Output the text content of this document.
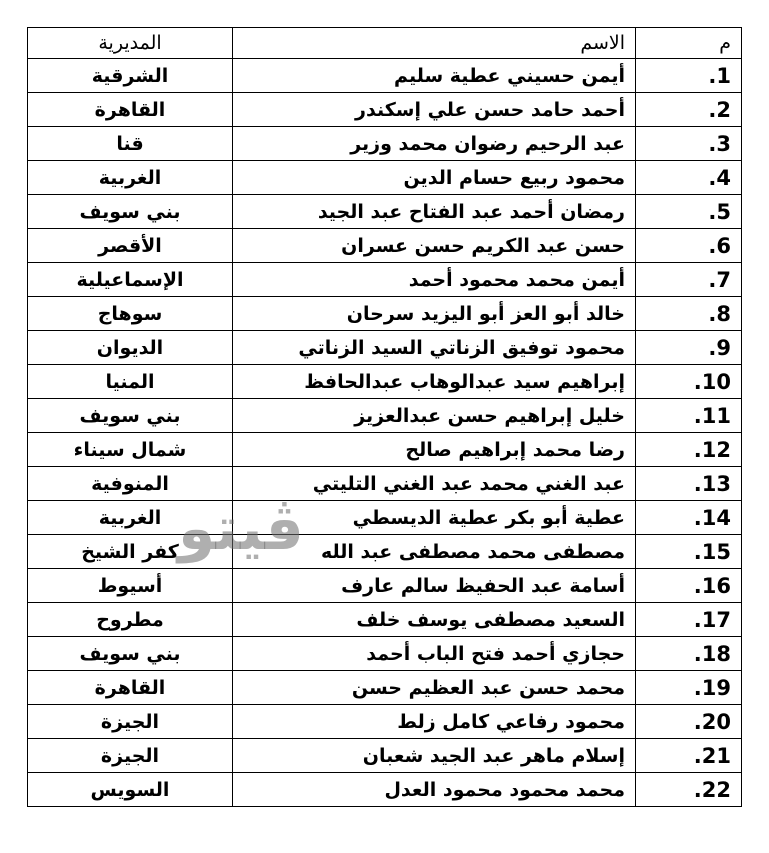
المديرية	الاسم	م
الشرقية	أيمن حسيني عطية سليم	.1
القاهرة	أحمد حامد حسن علي إسكندر	.2
قنا	عبد الرحيم رضوان محمد وزير	.3
الغربية	محمود ربيع حسام الدين	.4
بني سويف	رمضان أحمد عبد الفتاح عبد الجيد	.5
الأقصر	حسن عبد الكريم حسن عسران	.6
الإسماعيلية	أيمن محمد محمود أحمد	.7
سوهاج	خالد أبو العز أبو اليزيد سرحان	.8
الديوان	محمود توفيق الزناتي السيد الزناتي	.9
المنيا	إبراهيم سيد عبدالوهاب عبدالحافظ	.10
بني سويف	خليل إبراهيم حسن عبدالعزيز	.11
شمال سيناء	رضا محمد إبراهيم صالح	.12
المنوفية	عبد الغني محمد عبد الغني التليتي	.13
الغربية	عطية أبو بكر عطية الديسطي	.14
كفر الشيخ	مصطفى محمد مصطفى عبد الله	.15
أسيوط	أسامة عبد الحفيظ سالم عارف	.16
مطروح	السعيد مصطفى يوسف خلف	.17
بني سويف	حجازي أحمد فتح الباب أحمد	.18
القاهرة	محمد حسن عبد العظيم حسن	.19
الجيزة	محمود رفاعي كامل زلط	.20
الجيزة	إسلام ماهر عبد الجيد شعبان	.21
السويس	محمد محمود محمود العدل	.22
ڤيتو
